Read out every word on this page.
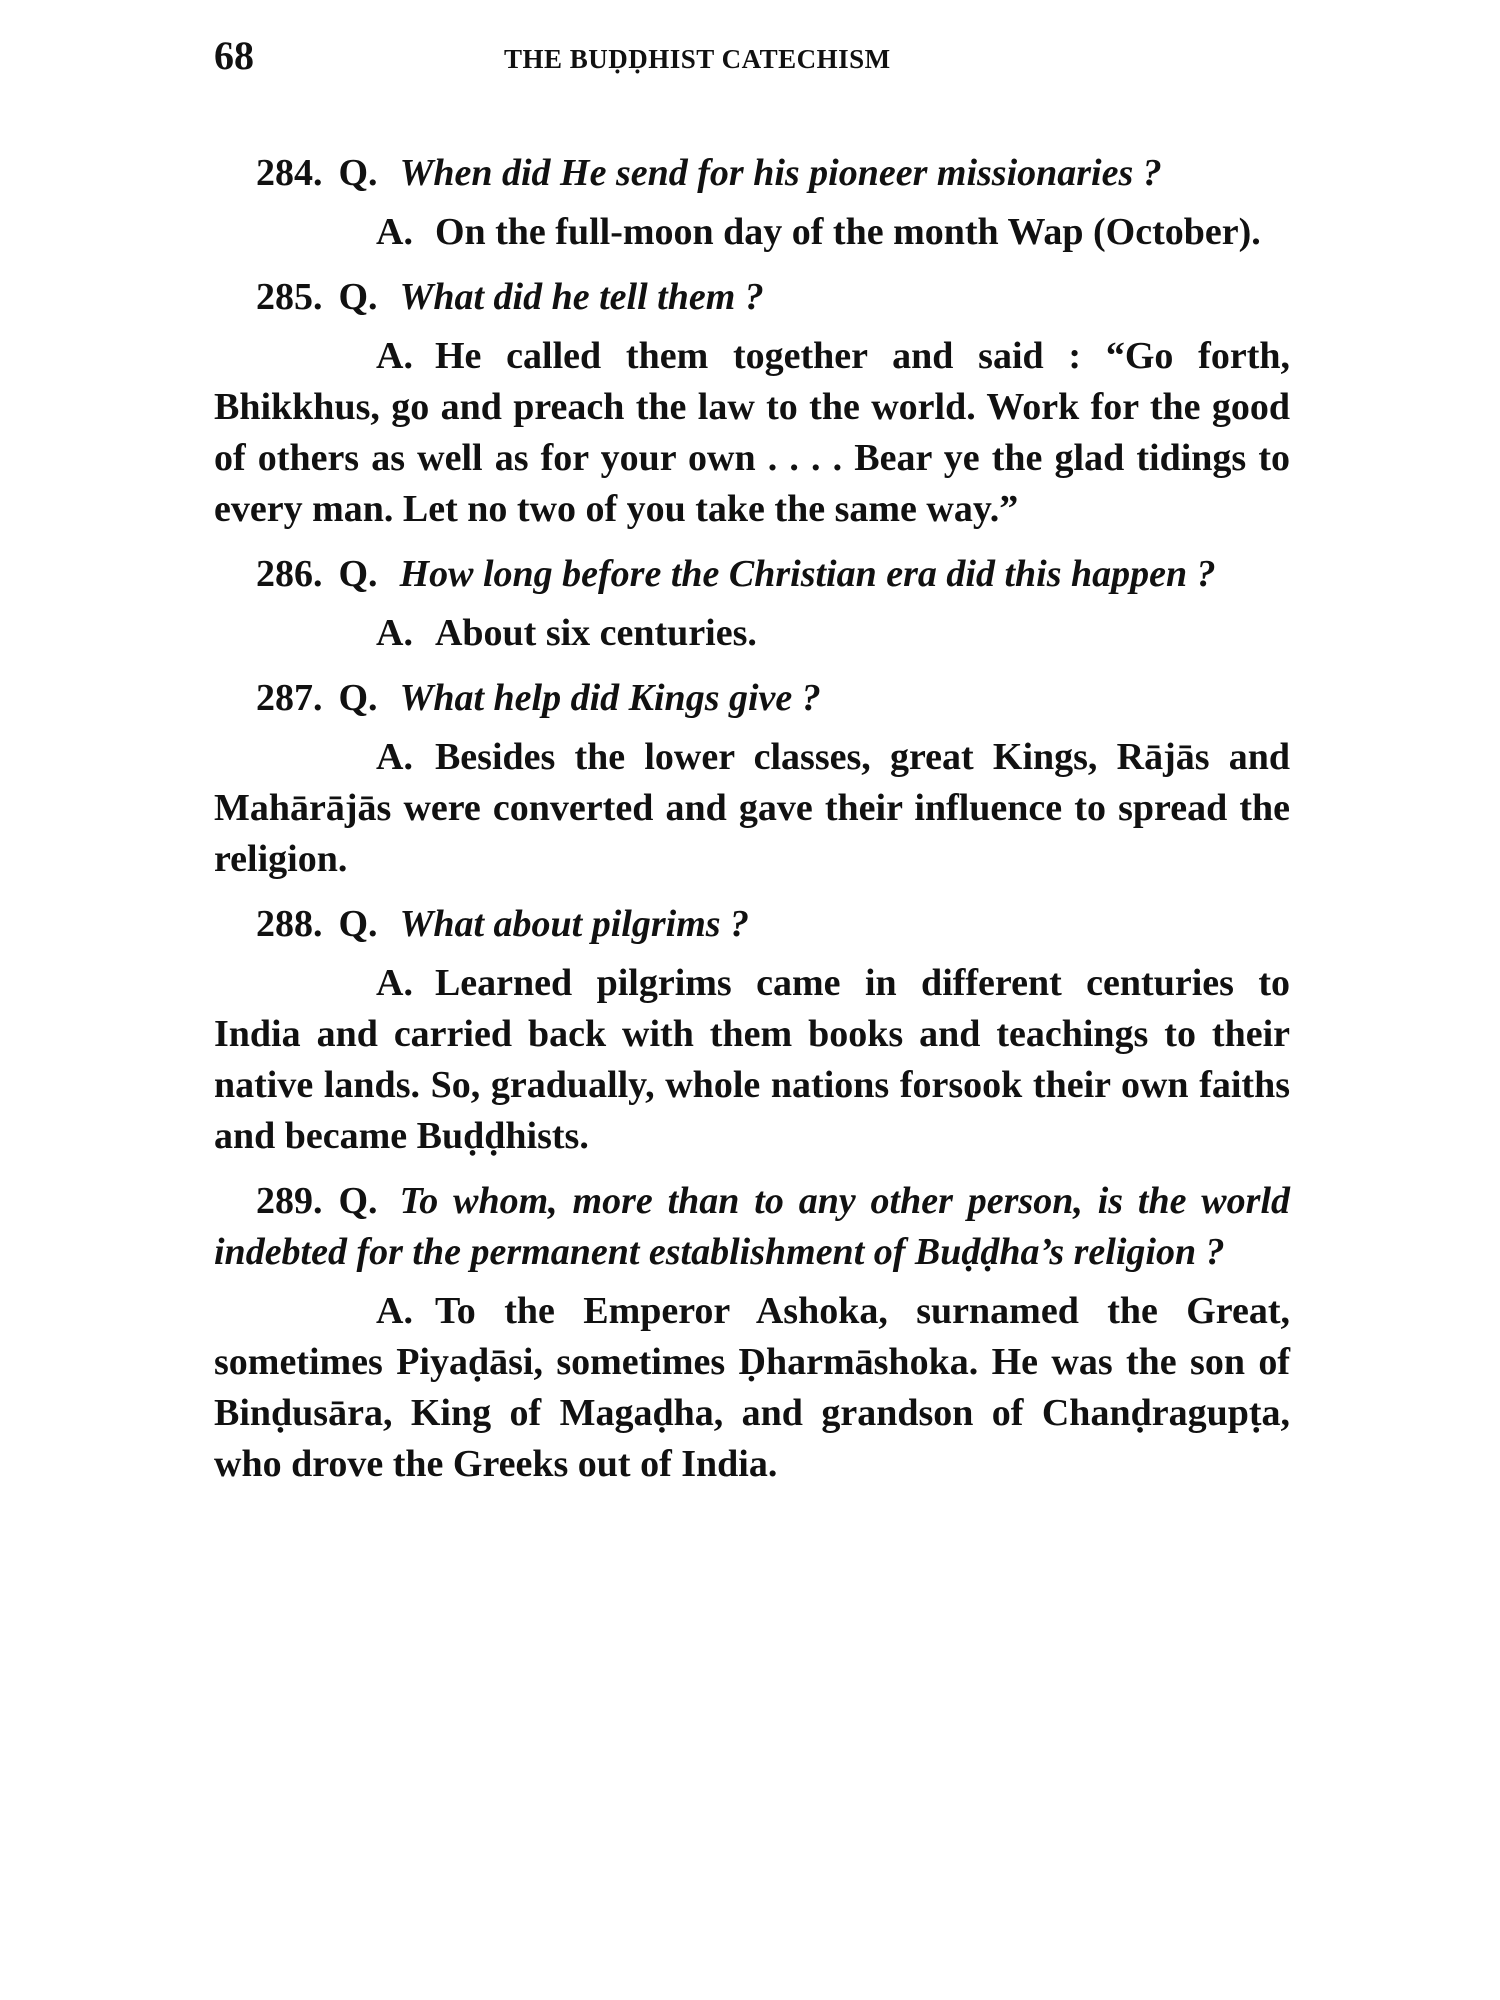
68	THE BUḌḌHIST CATECHISM

284. Q. When did He send for his pioneer missionaries ?

A. On the full-moon day of the month Wap (October).

285. Q. What did he tell them ?

A. He called them together and said : “Go forth, Bhikkhus, go and preach the law to the world. Work for the good of others as well as for your own . . . . Bear ye the glad tidings to every man. Let no two of you take the same way.”

286. Q. How long before the Christian era did this happen ?

A. About six centuries.

287. Q. What help did Kings give ?

A. Besides the lower classes, great Kings, Rājās and Mahārājās were converted and gave their influence to spread the religion.

288. Q. What about pilgrims ?

A. Learned pilgrims came in different centuries to India and carried back with them books and teachings to their native lands. So, gradually, whole nations forsook their own faiths and became Buḍḍhists.

289. Q. To whom, more than to any other person, is the world indebted for the permanent establishment of Buḍḍha’s religion ?

A. To the Emperor Ashoka, surnamed the Great, sometimes Piyaḍāsi, sometimes Ḍharmāshoka. He was the son of Binḍusāra, King of Magaḍha, and grandson of Chanḍragupṭa, who drove the Greeks out of India.
